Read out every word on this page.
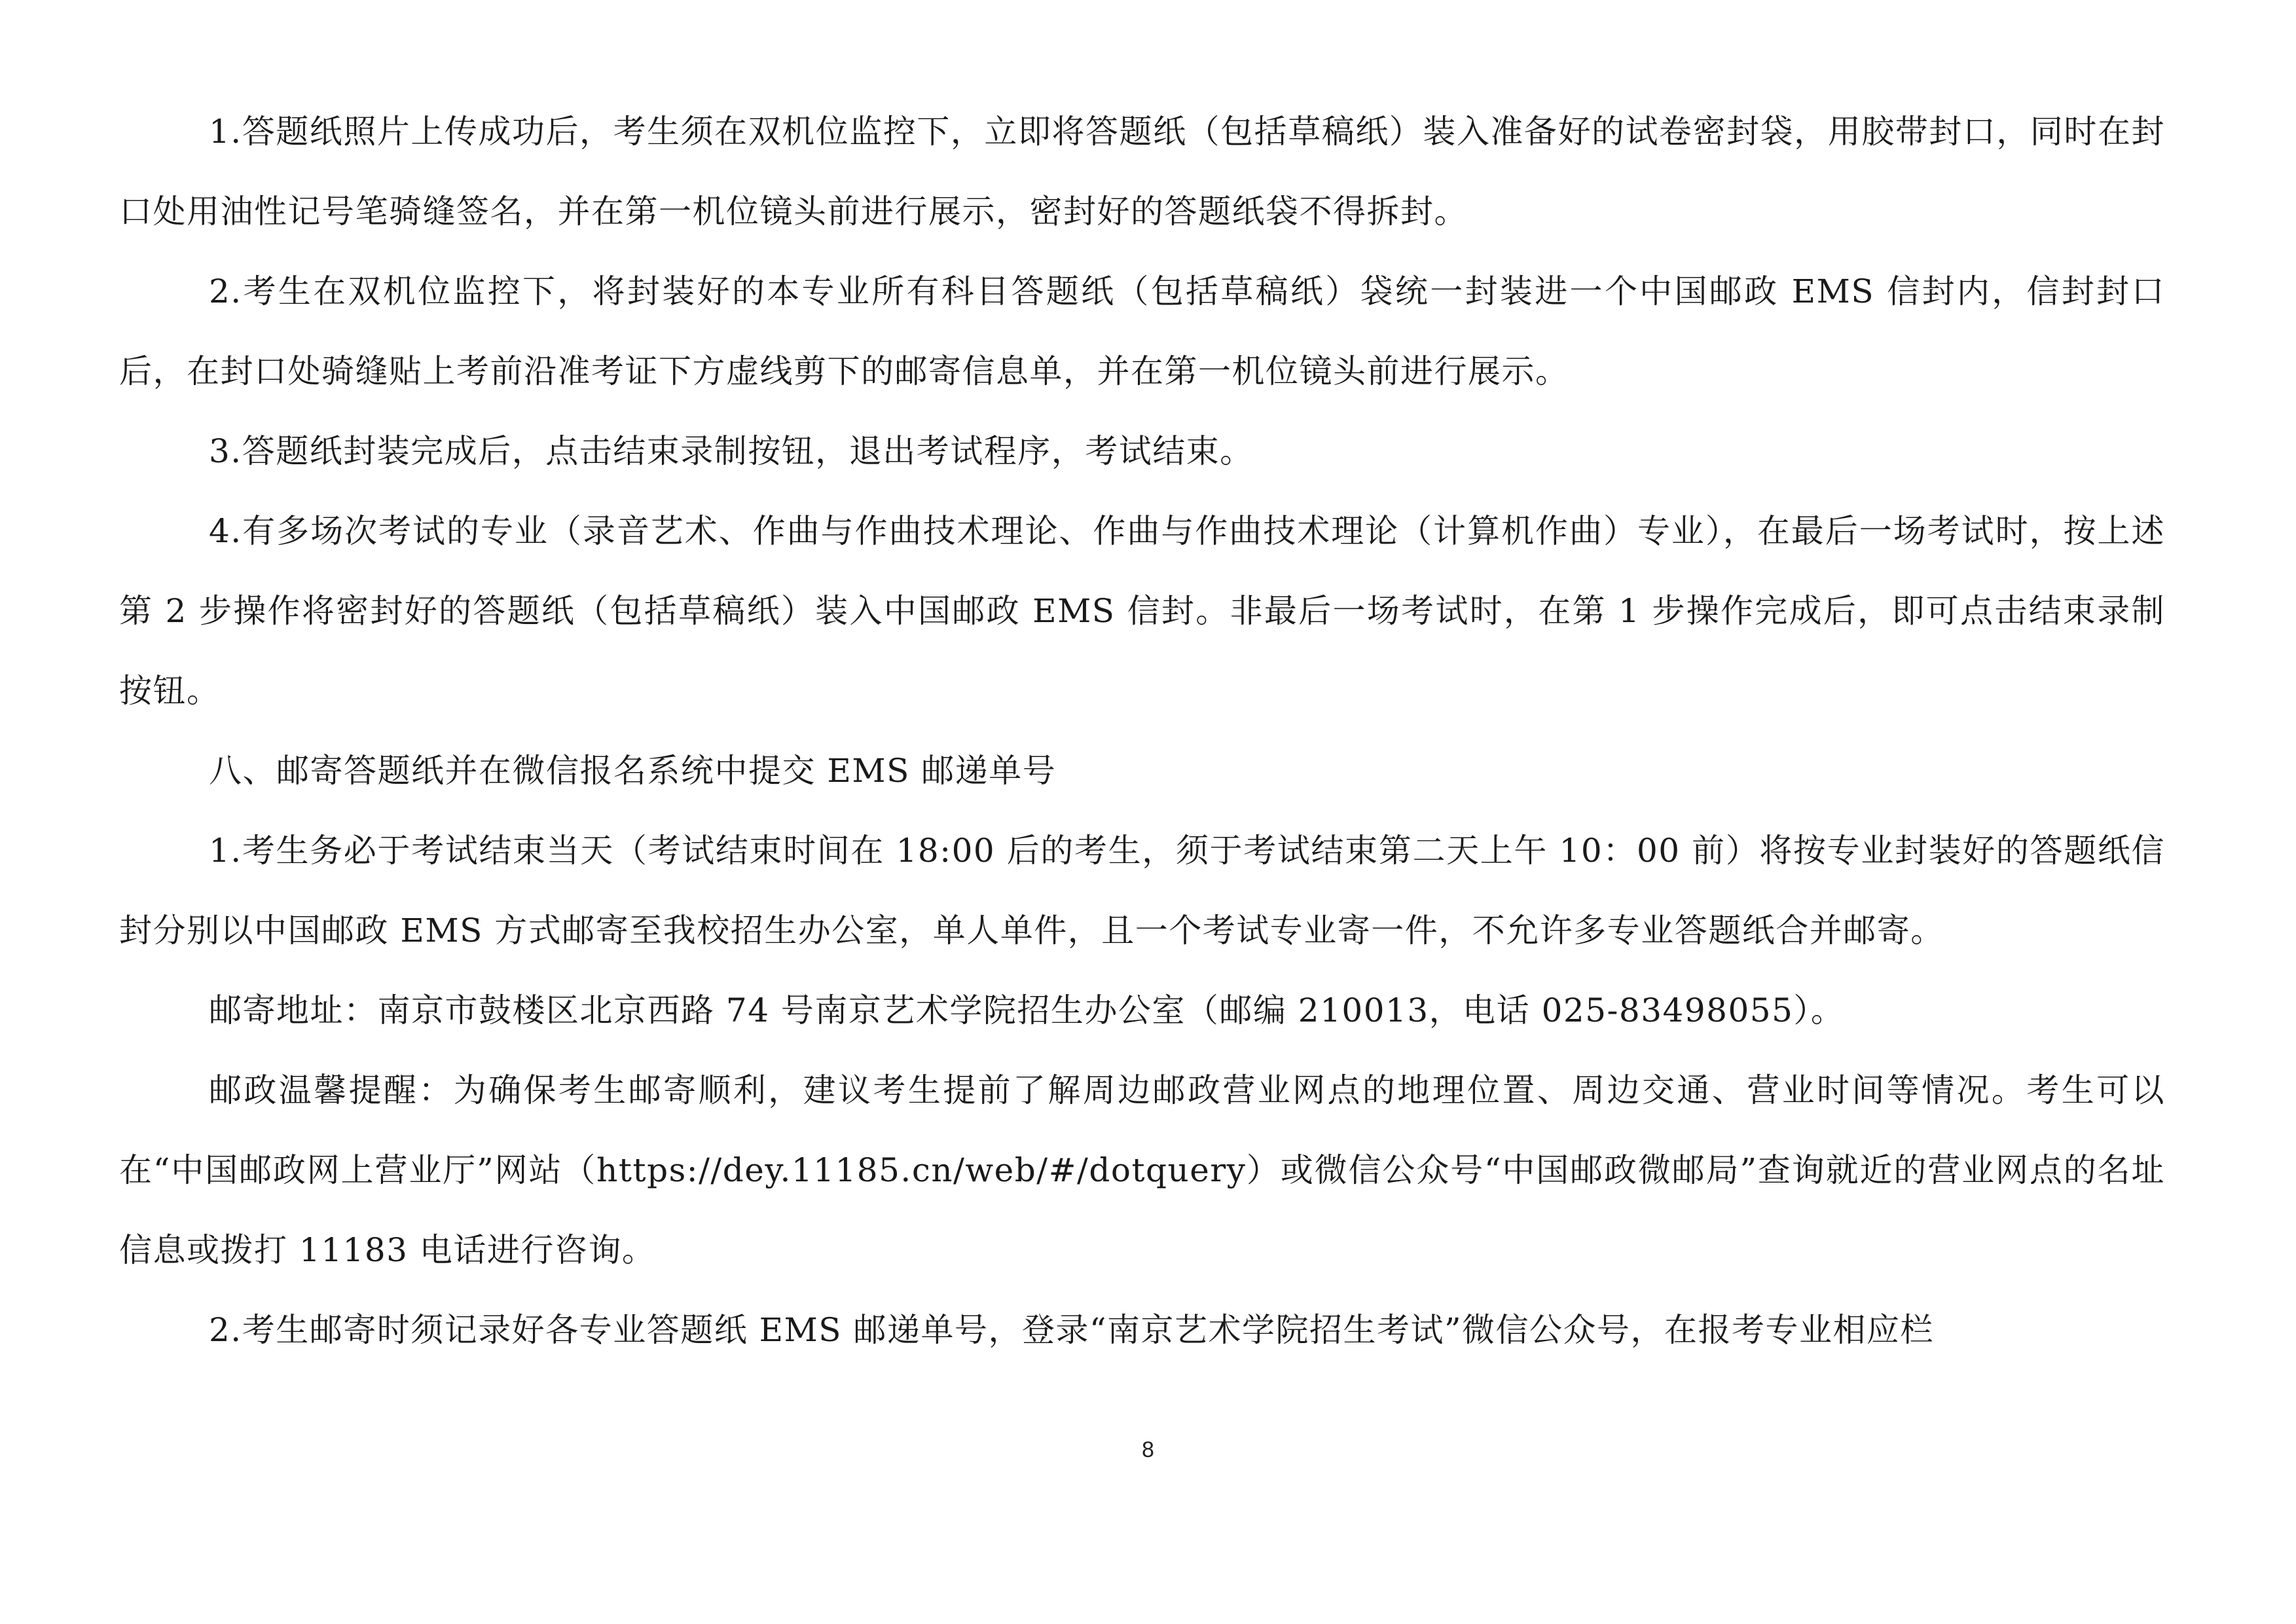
1.答题纸照片上传成功后，考生须在双机位监控下，立即将答题纸（包括草稿纸）装入准备好的试卷密封袋，用胶带封口，同时在封口处用油性记号笔骑缝签名，并在第一机位镜头前进行展示，密封好的答题纸袋不得拆封。

2.考生在双机位监控下，将封装好的本专业所有科目答题纸（包括草稿纸）袋统一封装进一个中国邮政 EMS 信封内，信封封口后，在封口处骑缝贴上考前沿准考证下方虚线剪下的邮寄信息单，并在第一机位镜头前进行展示。

3.答题纸封装完成后，点击结束录制按钮，退出考试程序，考试结束。

4.有多场次考试的专业（录音艺术、作曲与作曲技术理论、作曲与作曲技术理论（计算机作曲）专业），在最后一场考试时，按上述第 2 步操作将密封好的答题纸（包括草稿纸）装入中国邮政 EMS 信封。非最后一场考试时，在第 1 步操作完成后，即可点击结束录制按钮。

八、邮寄答题纸并在微信报名系统中提交 EMS 邮递单号

1.考生务必于考试结束当天（考试结束时间在 18:00 后的考生，须于考试结束第二天上午 10：00 前）将按专业封装好的答题纸信封分别以中国邮政 EMS 方式邮寄至我校招生办公室，单人单件，且一个考试专业寄一件，不允许多专业答题纸合并邮寄。

邮寄地址：南京市鼓楼区北京西路 74 号南京艺术学院招生办公室（邮编 210013，电话 025-83498055）。

邮政温馨提醒：为确保考生邮寄顺利，建议考生提前了解周边邮政营业网点的地理位置、周边交通、营业时间等情况。考生可以在“中国邮政网上营业厅”网站（https://dey.11185.cn/web/#/dotquery）或微信公众号“中国邮政微邮局”查询就近的营业网点的名址信息或拨打 11183 电话进行咨询。

2.考生邮寄时须记录好各专业答题纸 EMS 邮递单号，登录“南京艺术学院招生考试”微信公众号，在报考专业相应栏

8
